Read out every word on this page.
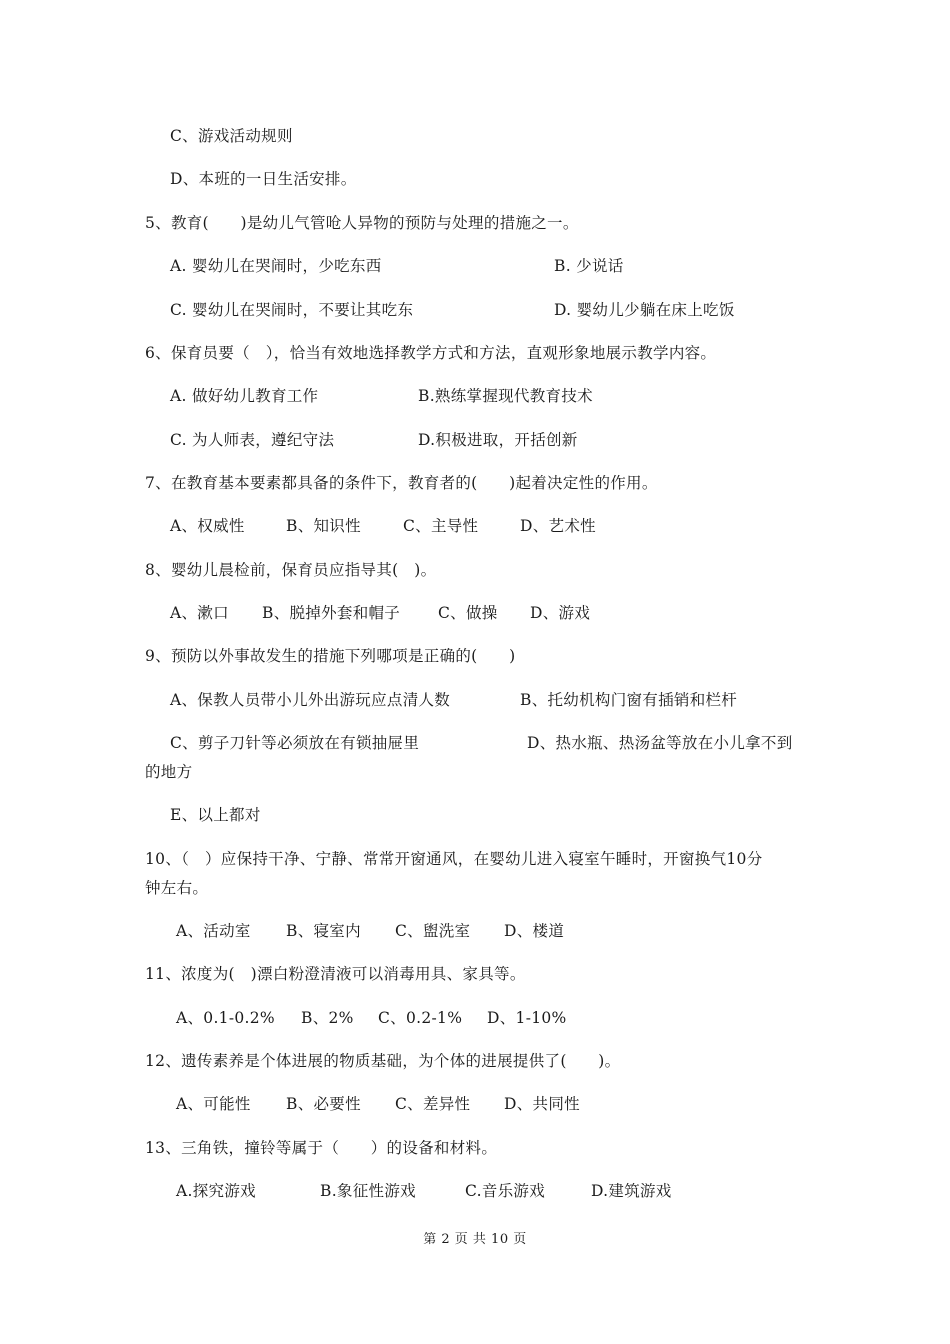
C、游戏活动规则
D、本班的一日生活安排。
5、教育(　　)是幼儿气管呛人异物的预防与处理的措施之一。
A. 婴幼儿在哭闹时，少吃东西	B. 少说话
C. 婴幼儿在哭闹时，不要让其吃东	D. 婴幼儿少躺在床上吃饭
6、保育员要（　），恰当有效地选择教学方式和方法，直观形象地展示教学内容。
A. 做好幼儿教育工作	B.熟练掌握现代教育技术
C. 为人师表，遵纪守法	D.积极进取，开括创新
7、在教育基本要素都具备的条件下，教育者的(　　)起着决定性的作用。
A、权威性	B、知识性	C、主导性	D、艺术性
8、婴幼儿晨检前，保育员应指导其(　)。
A、漱口 B、脱掉外套和帽子 C、做操 D、游戏
9、预防以外事故发生的措施下列哪项是正确的(　　)
A、保教人员带小儿外出游玩应点清人数	B、托幼机构门窗有插销和栏杆
C、剪子刀针等必须放在有锁抽屉里	D、热水瓶、热汤盆等放在小儿拿不到
的地方
E、以上都对
10、（　）应保持干净、宁静、常常开窗通风，在婴幼儿进入寝室午睡时，开窗换气10分
钟左右。
A、活动室 B、寝室内 C、盥洗室 D、楼道
11、浓度为(　)漂白粉澄清液可以消毒用具、家具等。
A、0.1-0.2% B、2% C、0.2-1% D、1-10%
12、遗传素养是个体进展的物质基础，为个体的进展提供了(　　)。
A、可能性 B、必要性 C、差异性 D、共同性
13、三角铁，撞铃等属于（　　）的设备和材料。
A.探究游戏	B.象征性游戏	C.音乐游戏	D.建筑游戏
第 2 页 共 10 页
